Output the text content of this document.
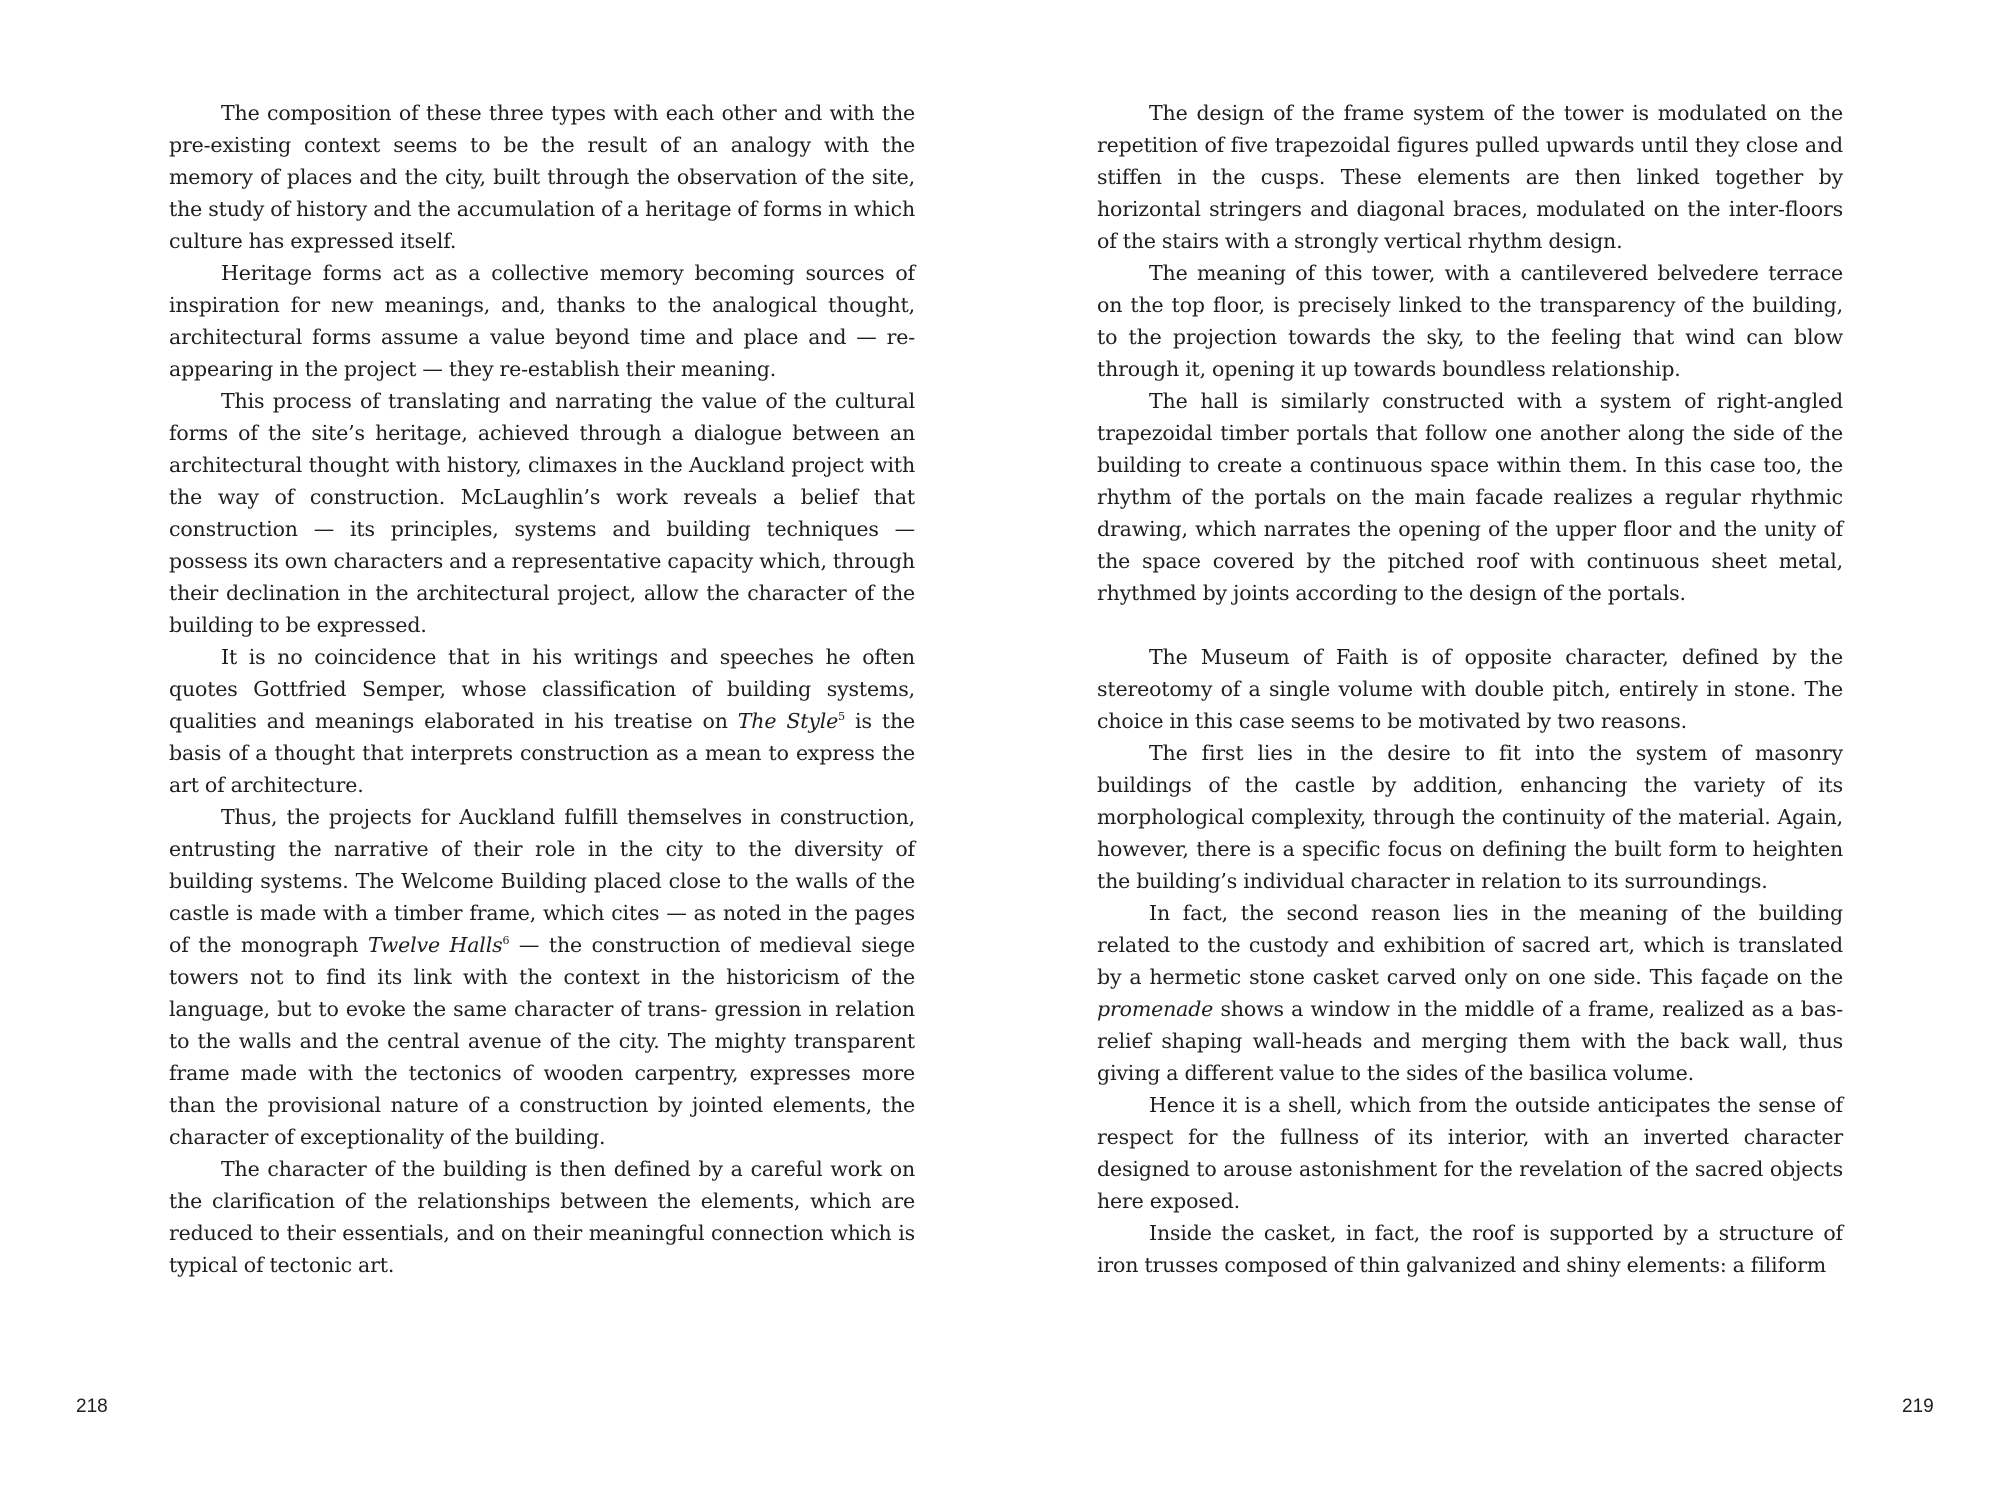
The composition of these three types with each other and with the pre-existing context seems to be the result of an analogy with the memory of places and the city, built through the observation of the site, the study of history and the accumulation of a heritage of forms in which culture has expressed itself.

Heritage forms act as a collective memory becoming sources of inspiration for new meanings, and, thanks to the analogical thought, architectural forms assume a value beyond time and place and — re-appearing in the project — they re-establish their meaning.

This process of translating and narrating the value of the cultural forms of the site’s heritage, achieved through a dialogue between an architectural thought with history, climaxes in the Auckland project with the way of construction. McLaughlin’s work reveals a belief that construction — its principles, systems and building techniques — possess its own characters and a representative capacity which, through their declination in the architectural project, allow the character of the building to be expressed.

It is no coincidence that in his writings and speeches he often quotes Gottfried Semper, whose classification of building systems, qualities and meanings elaborated in his treatise on The Style$^5$ is the basis of a thought that interprets construction as a mean to express the art of architecture.

Thus, the projects for Auckland fulfill themselves in construction, entrusting the narrative of their role in the city to the diversity of building systems. The Welcome Building placed close to the walls of the castle is made with a timber frame, which cites — as noted in the pages of the monograph Twelve Halls$^6$ — the construction of medieval siege towers not to find its link with the context in the historicism of the language, but to evoke the same character of trans- gression in relation to the walls and the central avenue of the city. The mighty transparent frame made with the tectonics of wooden carpentry, expresses more than the provisional nature of a construction by jointed elements, the character of exceptionality of the building.

The character of the building is then defined by a careful work on the clarification of the relationships between the elements, which are reduced to their essentials, and on their meaningful connection which is typical of tectonic art.

218

The design of the frame system of the tower is modulated on the repetition of five trapezoidal figures pulled upwards until they close and stiffen in the cusps. These elements are then linked together by horizontal stringers and diagonal braces, modulated on the inter-floors of the stairs with a strongly vertical rhythm design.

The meaning of this tower, with a cantilevered belvedere terrace on the top floor, is precisely linked to the transparency of the building, to the projection towards the sky, to the feeling that wind can blow through it, opening it up towards boundless relationship.

The hall is similarly constructed with a system of right-angled trapezoidal timber portals that follow one another along the side of the building to create a continuous space within them. In this case too, the rhythm of the portals on the main facade realizes a regular rhythmic drawing, which narrates the opening of the upper floor and the unity of the space covered by the pitched roof with continuous sheet metal, rhythmed by joints according to the design of the portals.

The Museum of Faith is of opposite character, defined by the stereotomy of a single volume with double pitch, entirely in stone. The choice in this case seems to be motivated by two reasons.

The first lies in the desire to fit into the system of masonry buildings of the castle by addition, enhancing the variety of its morphological complexity, through the continuity of the material. Again, however, there is a specific focus on defining the built form to heighten the building’s individual character in relation to its surroundings.

In fact, the second reason lies in the meaning of the building related to the custody and exhibition of sacred art, which is translated by a hermetic stone casket carved only on one side. This façade on the promenade shows a window in the middle of a frame, realized as a bas-relief shaping wall-heads and merging them with the back wall, thus giving a different value to the sides of the basilica volume.

Hence it is a shell, which from the outside anticipates the sense of respect for the fullness of its interior, with an inverted character designed to arouse astonishment for the revelation of the sacred objects here exposed.

Inside the casket, in fact, the roof is supported by a structure of iron trusses composed of thin galvanized and shiny elements: a filiform

219
